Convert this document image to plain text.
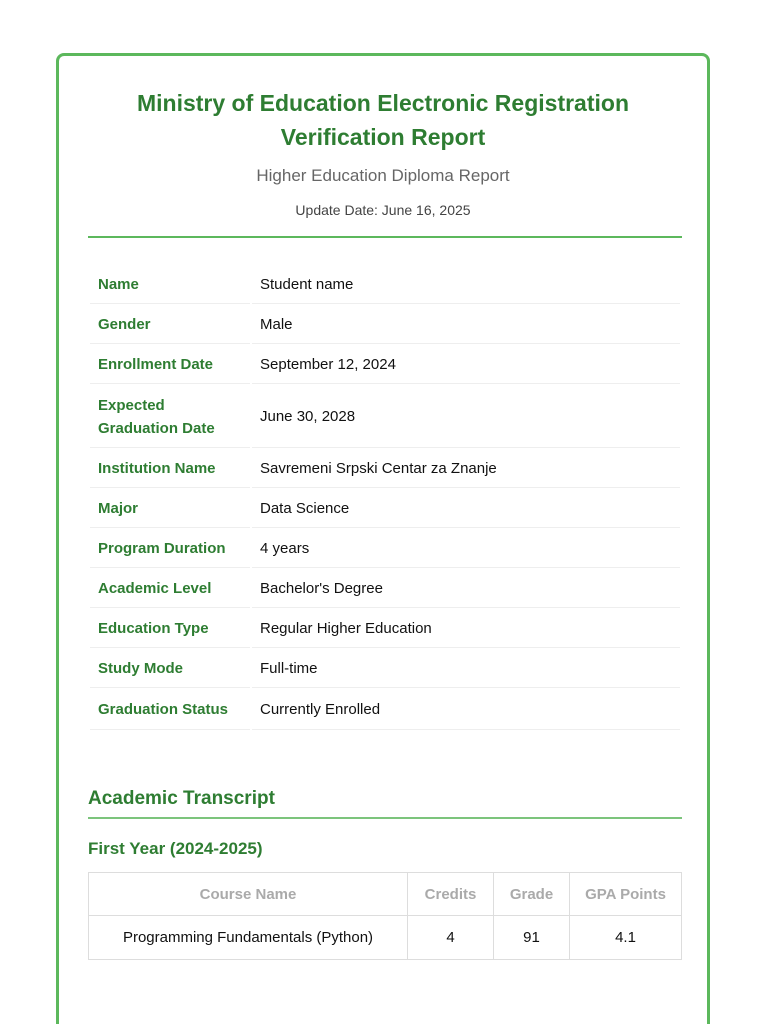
Ministry of Education Electronic Registration Verification Report
Higher Education Diploma Report
Update Date: June 16, 2025
Name	Student name
Gender	Male
Enrollment Date	September 12, 2024
Expected Graduation Date	June 30, 2028
Institution Name	Savremeni Srpski Centar za Znanje
Major	Data Science
Program Duration	4 years
Academic Level	Bachelor's Degree
Education Type	Regular Higher Education
Study Mode	Full-time
Graduation Status	Currently Enrolled
Academic Transcript
First Year (2024-2025)
Course Name	Credits	Grade	GPA Points
Programming Fundamentals (Python)	4	91	4.1
